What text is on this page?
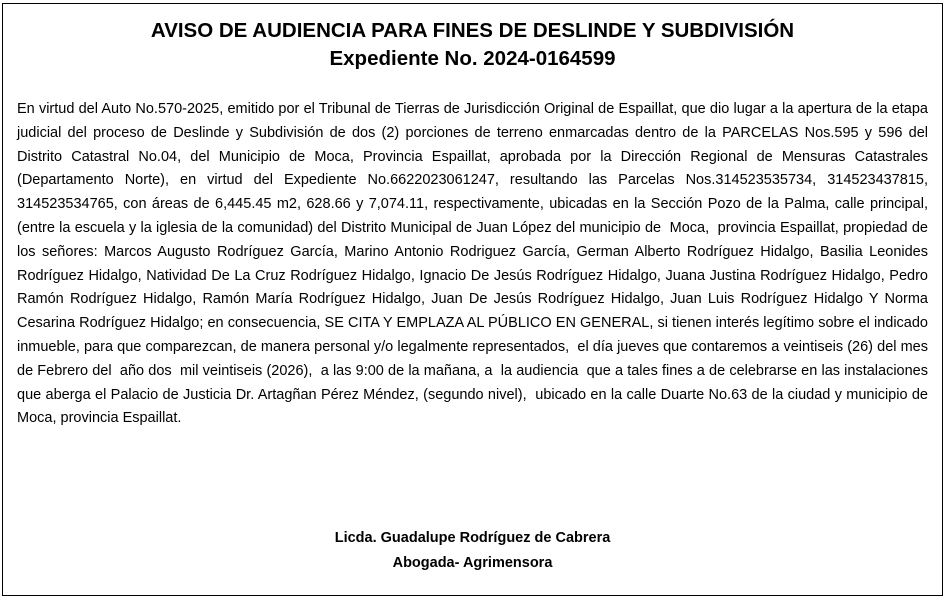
AVISO DE AUDIENCIA PARA FINES DE DESLINDE Y SUBDIVISIÓN
Expediente No. 2024-0164599

En virtud del Auto No.570-2025, emitido por el Tribunal de Tierras de Jurisdicción Original de Espaillat, que dio lugar a la apertura de la etapa judicial del proceso de Deslinde y Subdivisión de dos (2) porciones de terreno enmarcadas dentro de la PARCELAS Nos.595 y 596 del Distrito Catastral No.04, del Municipio de Moca, Provincia Espaillat, aprobada por la Dirección Regional de Mensuras Catastrales (Departamento Norte), en virtud del Expediente No.6622023061247, resultando las Parcelas Nos.314523535734, 314523437815, 314523534765, con áreas de 6,445.45 m2, 628.66 y 7,074.11, respectivamente, ubicadas en la Sección Pozo de la Palma, calle principal, (entre la escuela y la iglesia de la comunidad) del Distrito Municipal de Juan López del municipio de  Moca,  provincia Espaillat, propiedad de los señores: Marcos Augusto Rodríguez García, Marino Antonio Rodriguez García, German Alberto Rodríguez Hidalgo, Basilia Leonides Rodríguez Hidalgo, Natividad De La Cruz Rodríguez Hidalgo, Ignacio De Jesús Rodríguez Hidalgo, Juana Justina Rodríguez Hidalgo, Pedro Ramón Rodríguez Hidalgo, Ramón María Rodríguez Hidalgo, Juan De Jesús Rodríguez Hidalgo, Juan Luis Rodríguez Hidalgo Y Norma Cesarina Rodríguez Hidalgo; en consecuencia, SE CITA Y EMPLAZA AL PÚBLICO EN GENERAL, si tienen interés legítimo sobre el indicado inmueble, para que comparezcan, de manera personal y/o legalmente representados,  el día jueves que contaremos a veintiseis (26) del mes de Febrero del  año dos  mil veintiseis (2026),  a las 9:00 de la mañana, a  la audiencia  que a tales fines a de celebrarse en las instalaciones que aberga el Palacio de Justicia Dr. Artagñan Pérez Méndez, (segundo nivel),  ubicado en la calle Duarte No.63 de la ciudad y municipio de Moca, provincia Espaillat.

Licda. Guadalupe Rodríguez de Cabrera
Abogada- Agrimensora
